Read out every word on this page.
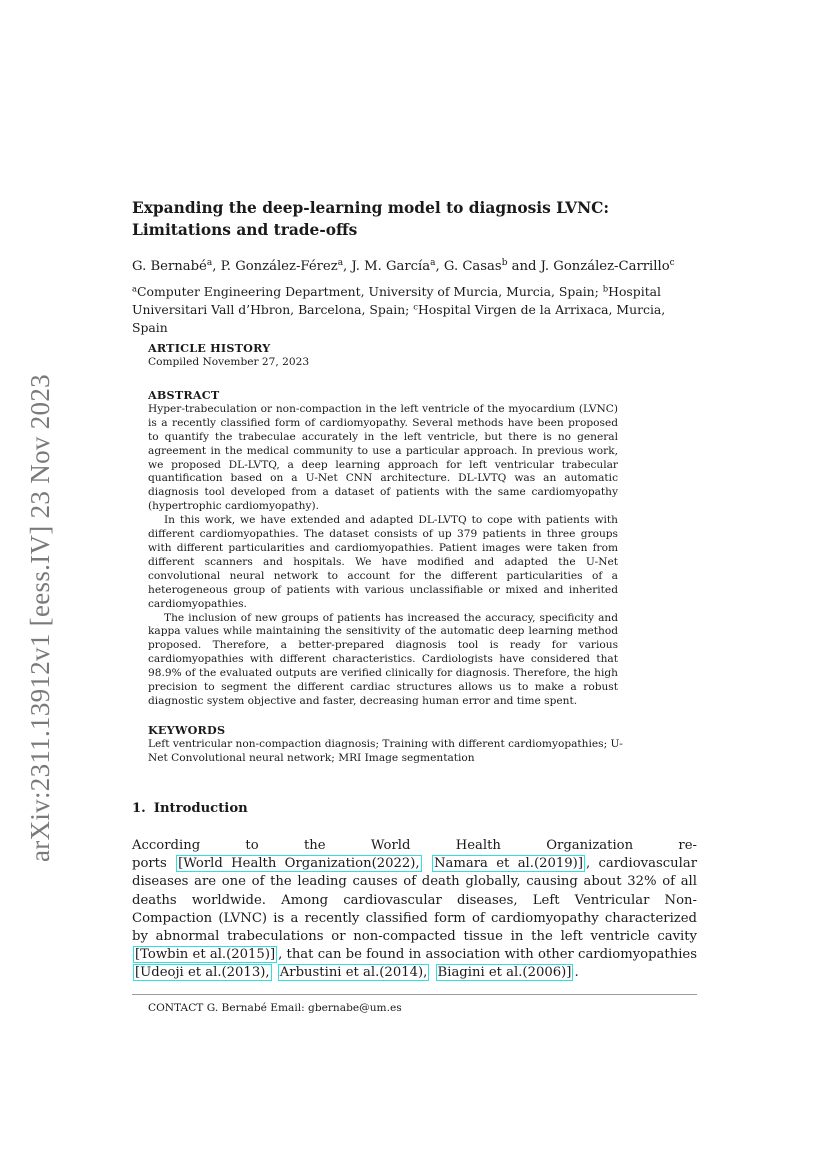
arXiv:2311.13912v1 [eess.IV] 23 Nov 2023
Expanding the deep-learning model to diagnosis LVNC: Limitations and trade-offs
G. Bernabé$^a$, P. González-Férez$^a$, J. M. García$^a$, G. Casas$^b$ and J. González-Carrillo$^c$
$^a$Computer Engineering Department, University of Murcia, Murcia, Spain; $^b$Hospital Universitari Vall d’Hbron, Barcelona, Spain; $^c$Hospital Virgen de la Arrixaca, Murcia, Spain
ARTICLE HISTORY
Compiled November 27, 2023
ABSTRACT

Hyper-trabeculation or non-compaction in the left ventricle of the myocardium (LVNC) is a recently classified form of cardiomyopathy. Several methods have been proposed to quantify the trabeculae accurately in the left ventricle, but there is no general agreement in the medical community to use a particular approach. In previous work, we proposed DL-LVTQ, a deep learning approach for left ventricular trabecular quantification based on a U-Net CNN architecture. DL-LVTQ was an automatic diagnosis tool developed from a dataset of patients with the same cardiomyopathy (hypertrophic cardiomyopathy).

In this work, we have extended and adapted DL-LVTQ to cope with patients with different cardiomyopathies. The dataset consists of up 379 patients in three groups with different particularities and cardiomyopathies. Patient images were taken from different scanners and hospitals. We have modified and adapted the U-Net convolutional neural network to account for the different particularities of a heterogeneous group of patients with various unclassifiable or mixed and inherited cardiomyopathies.

The inclusion of new groups of patients has increased the accuracy, specificity and kappa values while maintaining the sensitivity of the automatic deep learning method proposed. Therefore, a better-prepared diagnosis tool is ready for various cardiomyopathies with different characteristics. Cardiologists have considered that 98.9% of the evaluated outputs are verified clinically for diagnosis. Therefore, the high precision to segment the different cardiac structures allows us to make a robust diagnostic system objective and faster, decreasing human error and time spent.

KEYWORDS
Left ventricular non-compaction diagnosis; Training with different cardiomyopathies; U-Net Convolutional neural network; MRI Image segmentation
1. Introduction

According to the World Health Organization re-
ports [World Health Organization(2022), Namara et al.(2019)] , cardiovascular diseases are one of the leading causes of death globally, causing about 32% of all deaths worldwide. Among cardiovascular diseases, Left Ventricular Non-Compaction (LVNC) is a recently classified form of cardiomyopathy characterized by abnormal trabeculations or non-compacted tissue in the left ventricle cavity [Towbin et al.(2015)] , that can be found in association with other cardiomyopathies [Udeoji et al.(2013), Arbustini et al.(2014), Biagini et al.(2006)] .

CONTACT G. Bernabé Email: gbernabe@um.es
